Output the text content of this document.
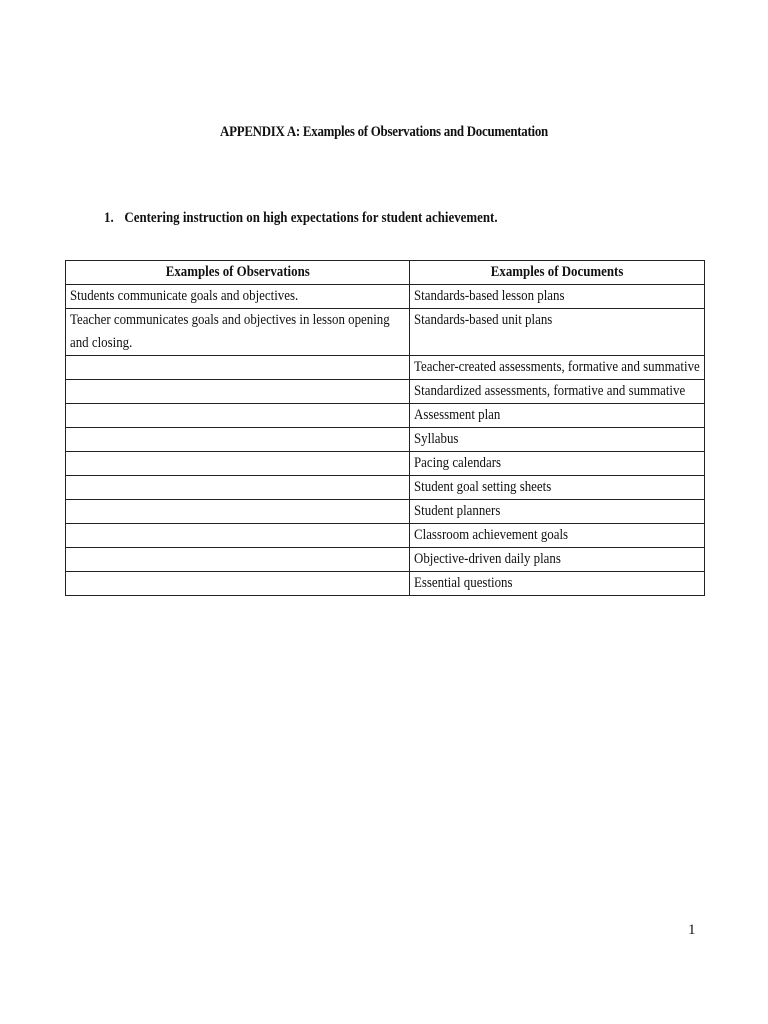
APPENDIX A: Examples of Observations and Documentation
1. Centering instruction on high expectations for student achievement.
Examples of Observations	Examples of Documents
Students communicate goals and objectives.	Standards-based lesson plans

Teacher communicates goals and objectives in lesson opening and closing.	Standards-based unit plans
	Teacher-created assessments, formative and summative
	Standardized assessments, formative and summative
	Assessment plan
	Syllabus
	Pacing calendars
	Student goal setting sheets
	Student planners
	Classroom achievement goals
	Objective-driven daily plans
	Essential questions
1
